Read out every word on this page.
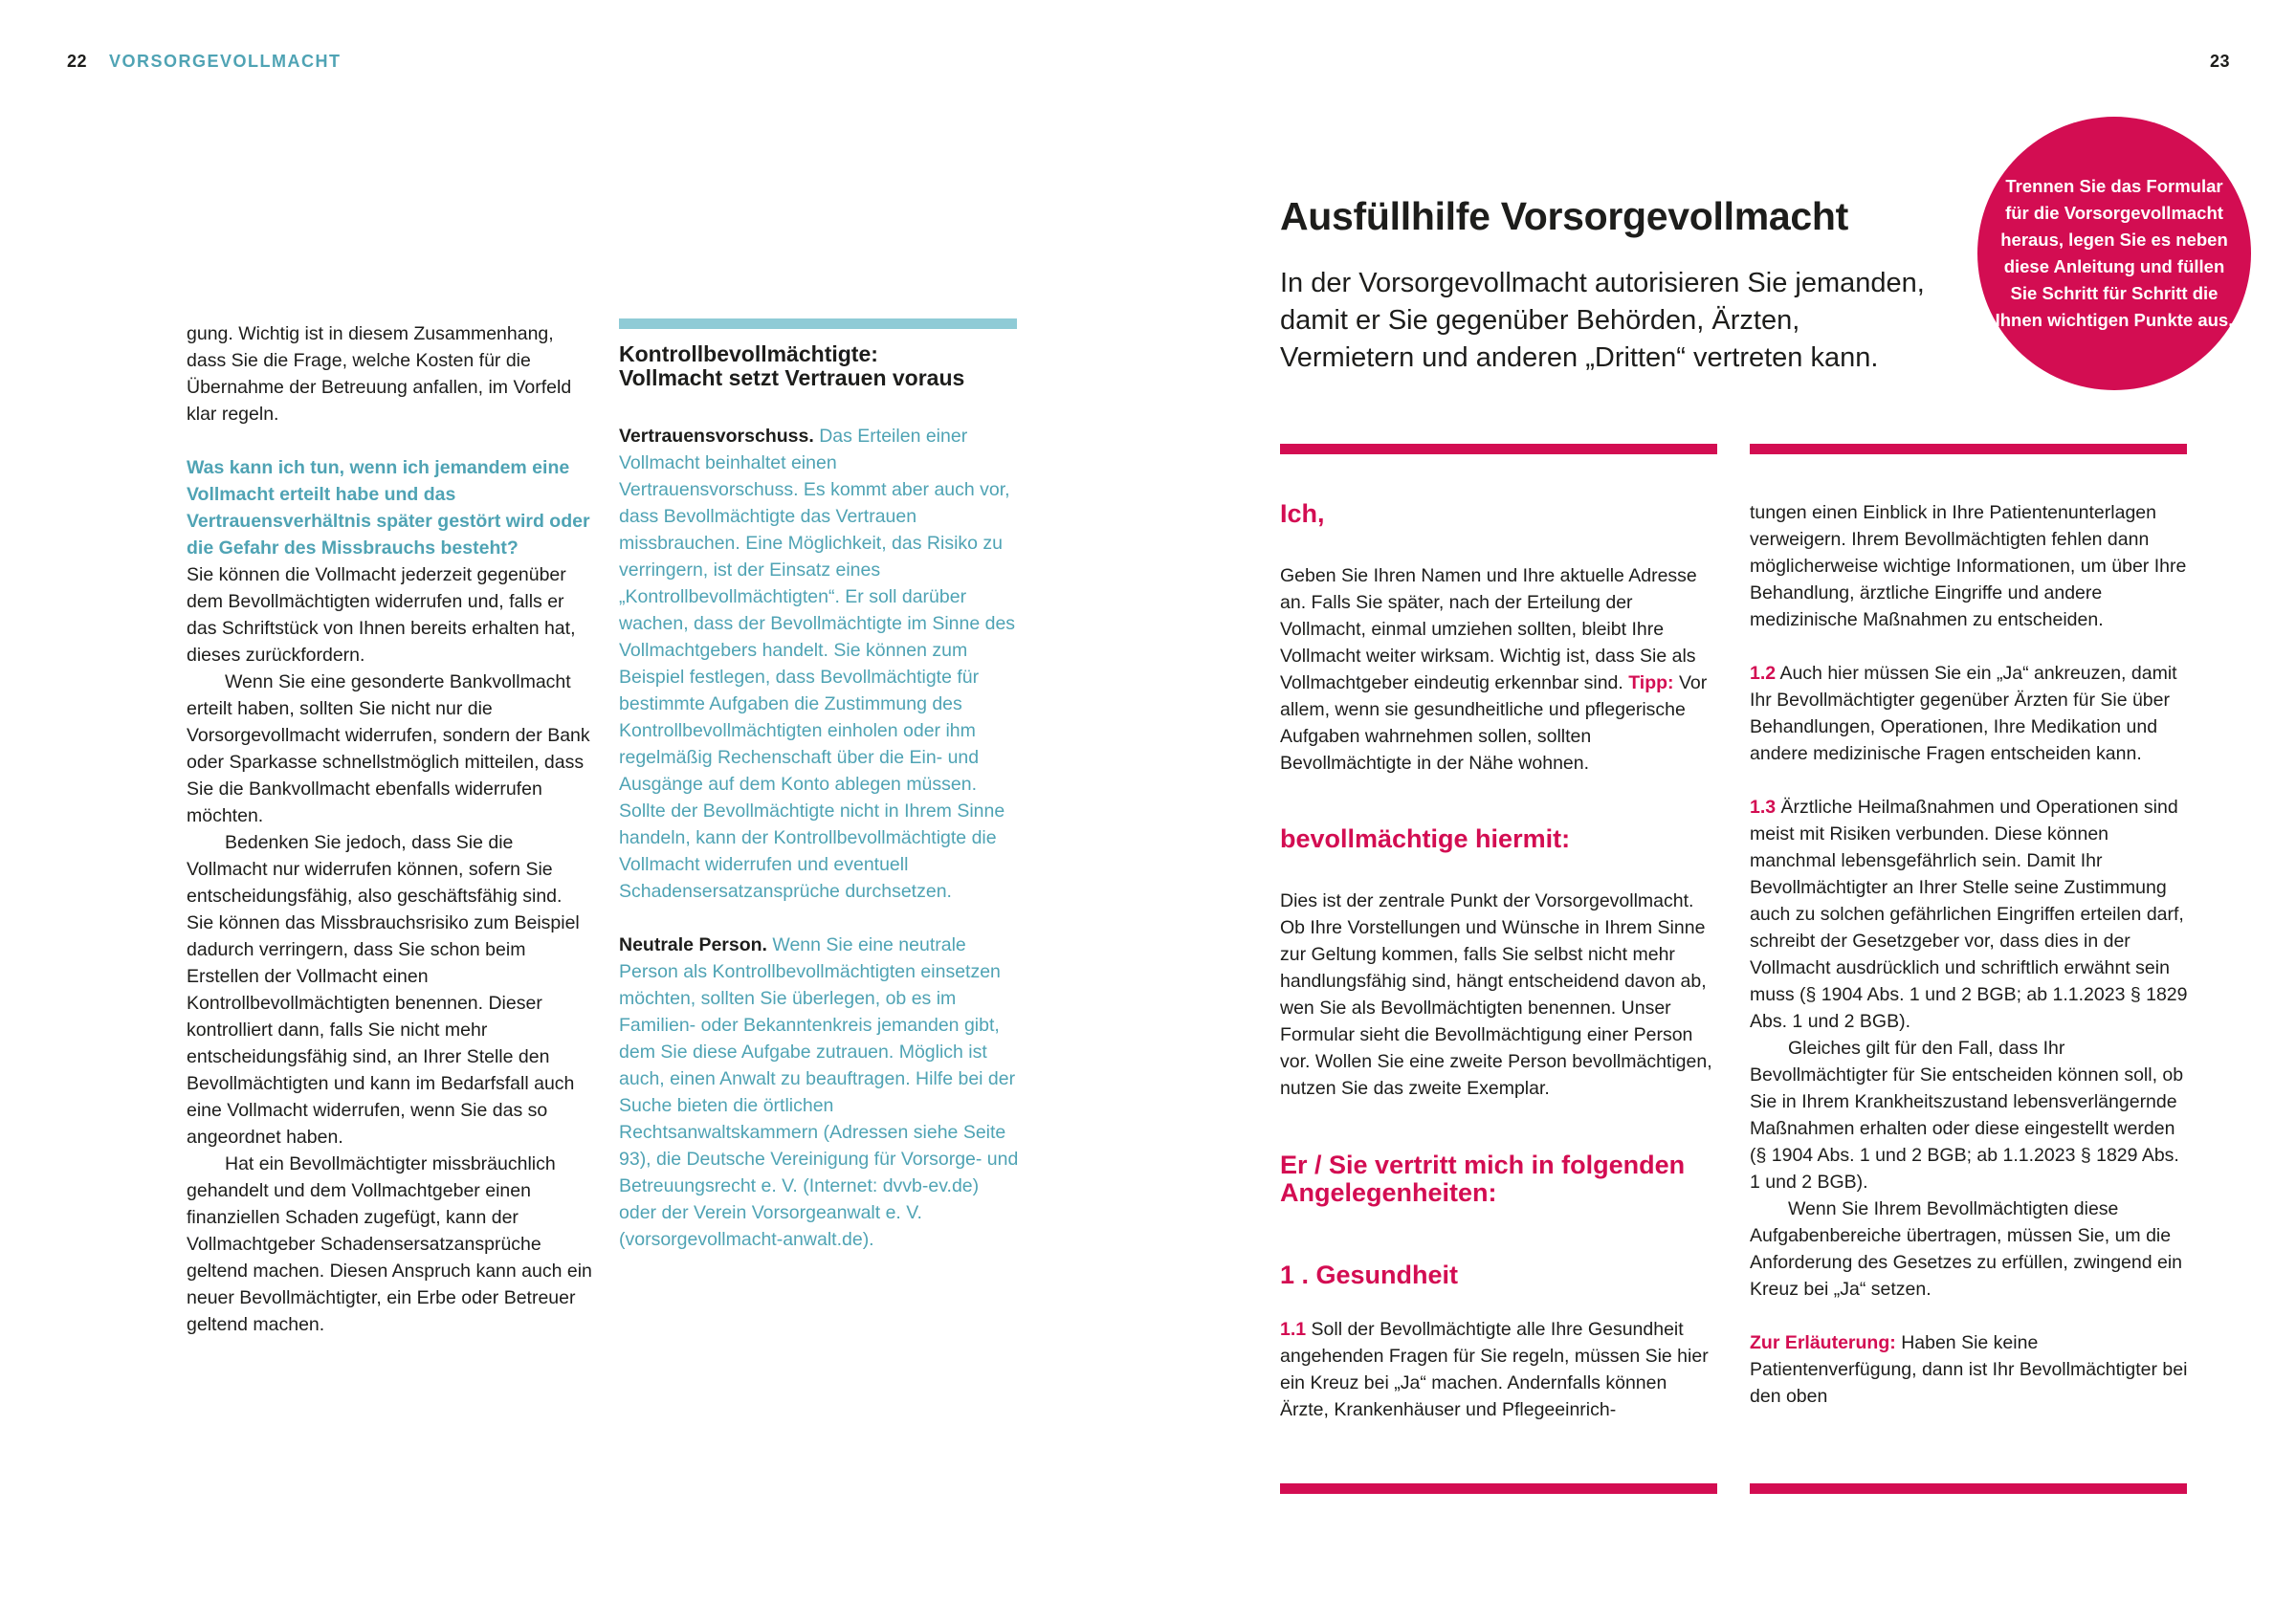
22 VORSORGEVOLLMACHT

gung. Wichtig ist in diesem Zusammenhang, dass Sie die Frage, welche Kosten für die Übernahme der Betreuung anfallen, im Vorfeld klar regeln.

Was kann ich tun, wenn ich jemandem eine Vollmacht erteilt habe und das Vertrauensverhältnis später gestört wird oder die Gefahr des Missbrauchs besteht?

Sie können die Vollmacht jederzeit gegenüber dem Bevollmächtigten widerrufen und, falls er das Schriftstück von Ihnen bereits erhalten hat, dieses zurückfordern.

Wenn Sie eine gesonderte Bankvollmacht erteilt haben, sollten Sie nicht nur die Vorsorgevollmacht widerrufen, sondern der Bank oder Sparkasse schnellstmöglich mitteilen, dass Sie die Bankvollmacht ebenfalls widerrufen möchten.

Bedenken Sie jedoch, dass Sie die Vollmacht nur widerrufen können, sofern Sie entscheidungsfähig, also geschäftsfähig sind. Sie können das Missbrauchsrisiko zum Beispiel dadurch verringern, dass Sie schon beim Erstellen der Vollmacht einen Kontrollbevollmächtigten benennen. Dieser kontrolliert dann, falls Sie nicht mehr entscheidungsfähig sind, an Ihrer Stelle den Bevollmächtigten und kann im Bedarfsfall auch eine Vollmacht widerrufen, wenn Sie das so angeordnet haben.

Hat ein Bevollmächtigter missbräuchlich gehandelt und dem Vollmachtgeber einen finanziellen Schaden zugefügt, kann der Vollmachtgeber Schadensersatzansprüche geltend machen. Diesen Anspruch kann auch ein neuer Bevollmächtigter, ein Erbe oder Betreuer geltend machen.

Kontrollbevollmächtigte:
Vollmacht setzt Vertrauen voraus

Vertrauensvorschuss. Das Erteilen einer Vollmacht beinhaltet einen Vertrauensvorschuss. Es kommt aber auch vor, dass Bevollmächtigte das Vertrauen missbrauchen. Eine Möglichkeit, das Risiko zu verringern, ist der Einsatz eines „Kontrollbevollmächtigten“. Er soll darüber wachen, dass der Bevollmächtigte im Sinne des Vollmachtgebers handelt. Sie können zum Beispiel festlegen, dass Bevollmächtigte für bestimmte Aufgaben die Zustimmung des Kontrollbevollmächtigten einholen oder ihm regelmäßig Rechenschaft über die Ein- und Ausgänge auf dem Konto ablegen müssen. Sollte der Bevollmächtigte nicht in Ihrem Sinne handeln, kann der Kontrollbevollmächtigte die Vollmacht widerrufen und eventuell Schadensersatzansprüche durchsetzen.

Neutrale Person. Wenn Sie eine neutrale Person als Kontrollbevollmächtigten einsetzen möchten, sollten Sie überlegen, ob es im Familien- oder Bekanntenkreis jemanden gibt, dem Sie diese Aufgabe zutrauen. Möglich ist auch, einen Anwalt zu beauftragen. Hilfe bei der Suche bieten die örtlichen Rechtsanwaltskammern (Adressen siehe Seite 93), die Deutsche Vereinigung für Vorsorge- und Betreuungsrecht e. V. (Internet: dvvb-ev.de) oder der Verein Vorsorgeanwalt e. V. (vorsorgevollmacht-anwalt.de).

23
Ausfüllhilfe Vorsorgevollmacht
In der Vorsorgevollmacht autorisieren Sie jemanden, damit er Sie gegenüber Behörden, Ärzten, Vermietern und anderen „Dritten“ vertreten kann.
Trennen Sie das Formular für die Vorsorgevollmacht heraus, legen Sie es neben diese Anleitung und füllen Sie Schritt für Schritt die Ihnen wichtigen Punkte aus.
Ich,

Geben Sie Ihren Namen und Ihre aktuelle Adresse an. Falls Sie später, nach der Erteilung der Vollmacht, einmal umziehen sollten, bleibt Ihre Vollmacht weiter wirksam. Wichtig ist, dass Sie als Vollmachtgeber eindeutig erkennbar sind. Tipp: Vor allem, wenn sie gesundheitliche und pflegerische Aufgaben wahrnehmen sollen, sollten Bevollmächtigte in der Nähe wohnen.

bevollmächtige hiermit:

Dies ist der zentrale Punkt der Vorsorgevollmacht. Ob Ihre Vorstellungen und Wünsche in Ihrem Sinne zur Geltung kommen, falls Sie selbst nicht mehr handlungsfähig sind, hängt entscheidend davon ab, wen Sie als Bevollmächtigten benennen. Unser Formular sieht die Bevollmächtigung einer Person vor. Wollen Sie eine zweite Person bevollmächtigen, nutzen Sie das zweite Exemplar.

Er / Sie vertritt mich in folgenden
Angelegenheiten:
1 . Gesundheit

1.1 Soll der Bevollmächtigte alle Ihre Gesundheit angehenden Fragen für Sie regeln, müssen Sie hier ein Kreuz bei „Ja“ machen. Andernfalls können Ärzte, Krankenhäuser und Pflegeeinrich-

tungen einen Einblick in Ihre Patientenunterlagen verweigern. Ihrem Bevollmächtigten fehlen dann möglicherweise wichtige Informationen, um über Ihre Behandlung, ärztliche Eingriffe und andere medizinische Maßnahmen zu entscheiden.

1.2 Auch hier müssen Sie ein „Ja“ ankreuzen, damit Ihr Bevollmächtigter gegenüber Ärzten für Sie über Behandlungen, Operationen, Ihre Medikation und andere medizinische Fragen entscheiden kann.

1.3 Ärztliche Heilmaßnahmen und Operationen sind meist mit Risiken verbunden. Diese können manchmal lebensgefährlich sein. Damit Ihr Bevollmächtigter an Ihrer Stelle seine Zustimmung auch zu solchen gefährlichen Eingriffen erteilen darf, schreibt der Gesetzgeber vor, dass dies in der Vollmacht ausdrücklich und schriftlich erwähnt sein muss (§ 1904 Abs. 1 und 2 BGB; ab 1.1.2023 § 1829 Abs. 1 und 2 BGB).

Gleiches gilt für den Fall, dass Ihr Bevollmächtigter für Sie entscheiden können soll, ob Sie in Ihrem Krankheitszustand lebensverlängernde Maßnahmen erhalten oder diese eingestellt werden (§ 1904 Abs. 1 und 2 BGB; ab 1.1.2023 § 1829 Abs. 1 und 2 BGB).

Wenn Sie Ihrem Bevollmächtigten diese Aufgabenbereiche übertragen, müssen Sie, um die Anforderung des Gesetzes zu erfüllen, zwingend ein Kreuz bei „Ja“ setzen.

Zur Erläuterung: Haben Sie keine Patientenverfügung, dann ist Ihr Bevollmächtigter bei den oben
